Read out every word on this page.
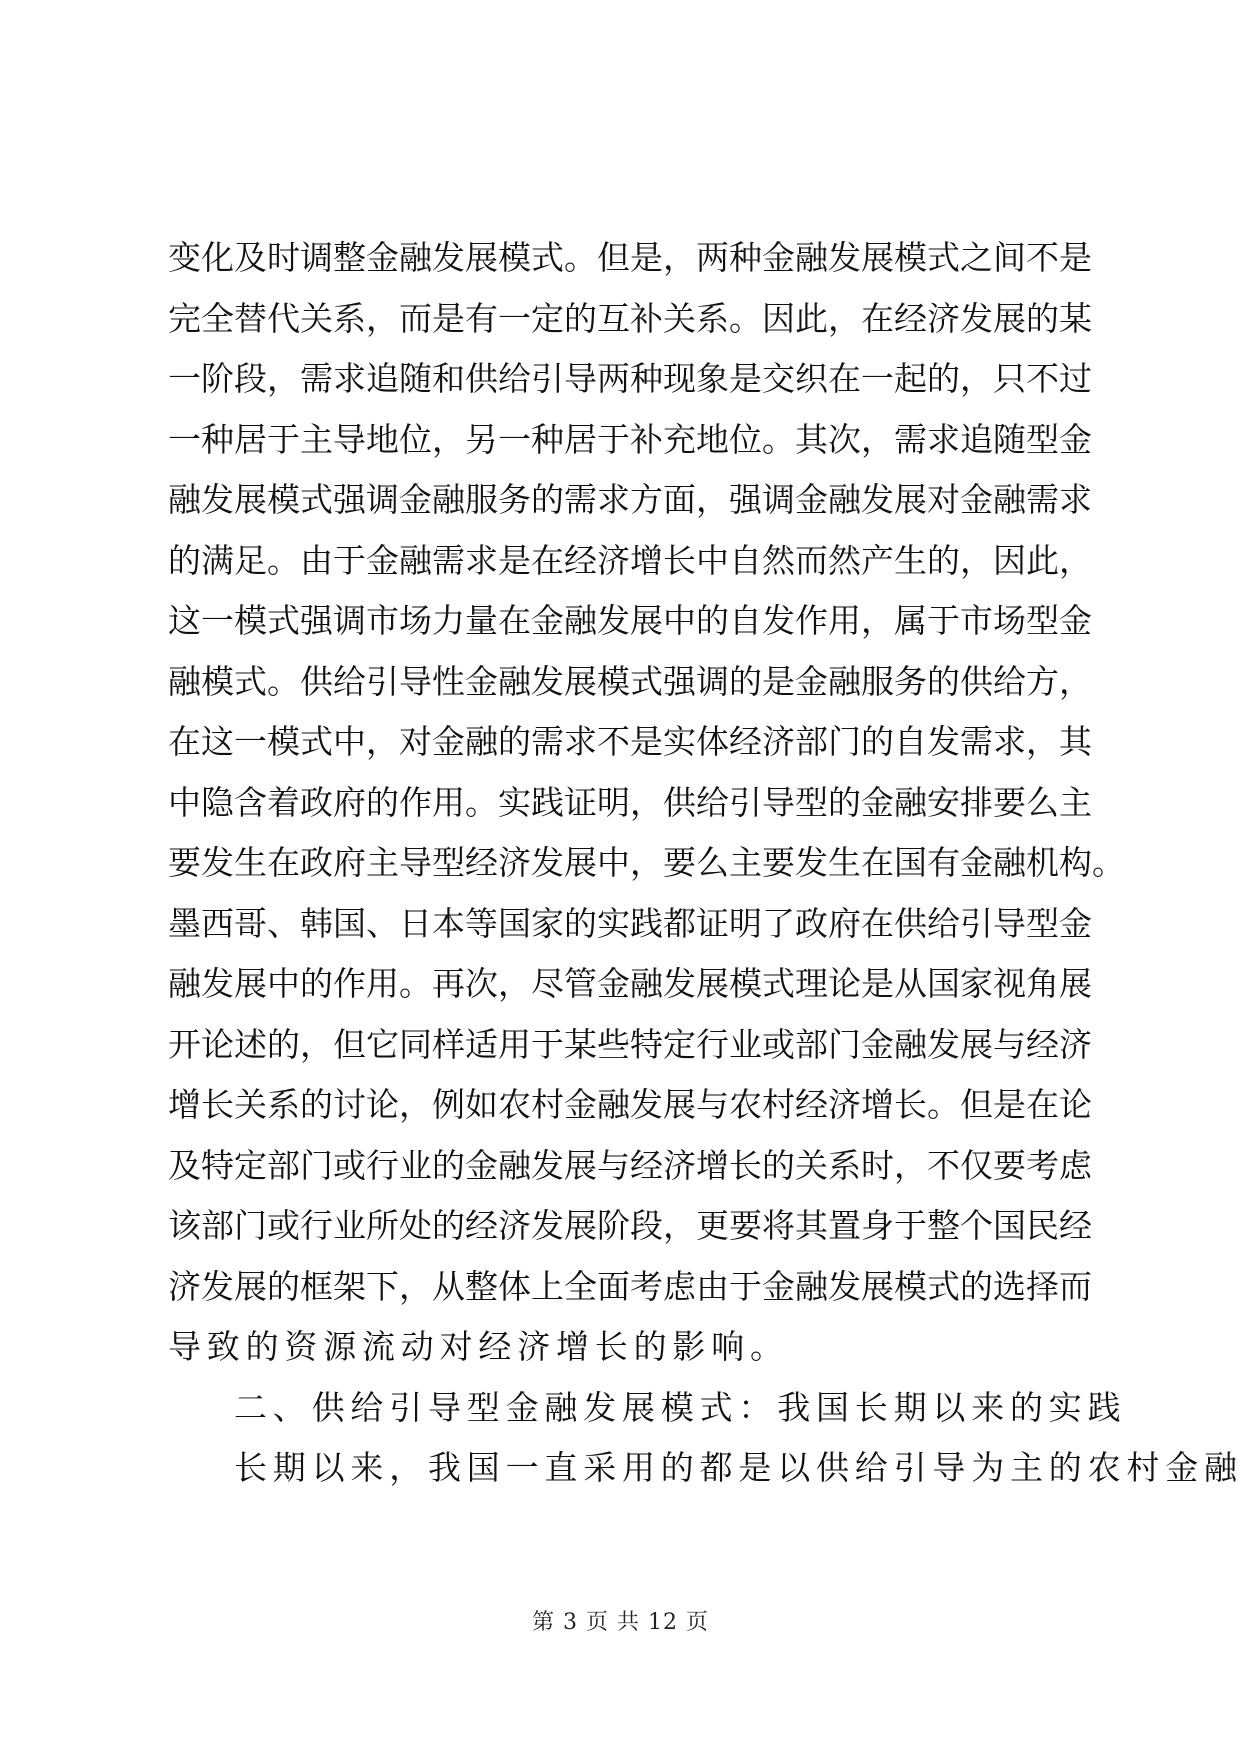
变化及时调整金融发展模式。但是，两种金融发展模式之间不是
完全替代关系，而是有一定的互补关系。因此，在经济发展的某
一阶段，需求追随和供给引导两种现象是交织在一起的，只不过
一种居于主导地位，另一种居于补充地位。其次，需求追随型金
融发展模式强调金融服务的需求方面，强调金融发展对金融需求
的满足。由于金融需求是在经济增长中自然而然产生的，因此，
这一模式强调市场力量在金融发展中的自发作用，属于市场型金
融模式。供给引导性金融发展模式强调的是金融服务的供给方，
在这一模式中，对金融的需求不是实体经济部门的自发需求，其
中隐含着政府的作用。实践证明，供给引导型的金融安排要么主
要发生在政府主导型经济发展中，要么主要发生在国有金融机构。
墨西哥、韩国、日本等国家的实践都证明了政府在供给引导型金
融发展中的作用。再次，尽管金融发展模式理论是从国家视角展
开论述的，但它同样适用于某些特定行业或部门金融发展与经济
增长关系的讨论，例如农村金融发展与农村经济增长。但是在论
及特定部门或行业的金融发展与经济增长的关系时，不仅要考虑
该部门或行业所处的经济发展阶段，更要将其置身于整个国民经
济发展的框架下，从整体上全面考虑由于金融发展模式的选择而
导致的资源流动对经济增长的影响。
二、供给引导型金融发展模式：我国长期以来的实践
长期以来，我国一直采用的都是以供给引导为主的农村金融
第 3 页 共 12 页
